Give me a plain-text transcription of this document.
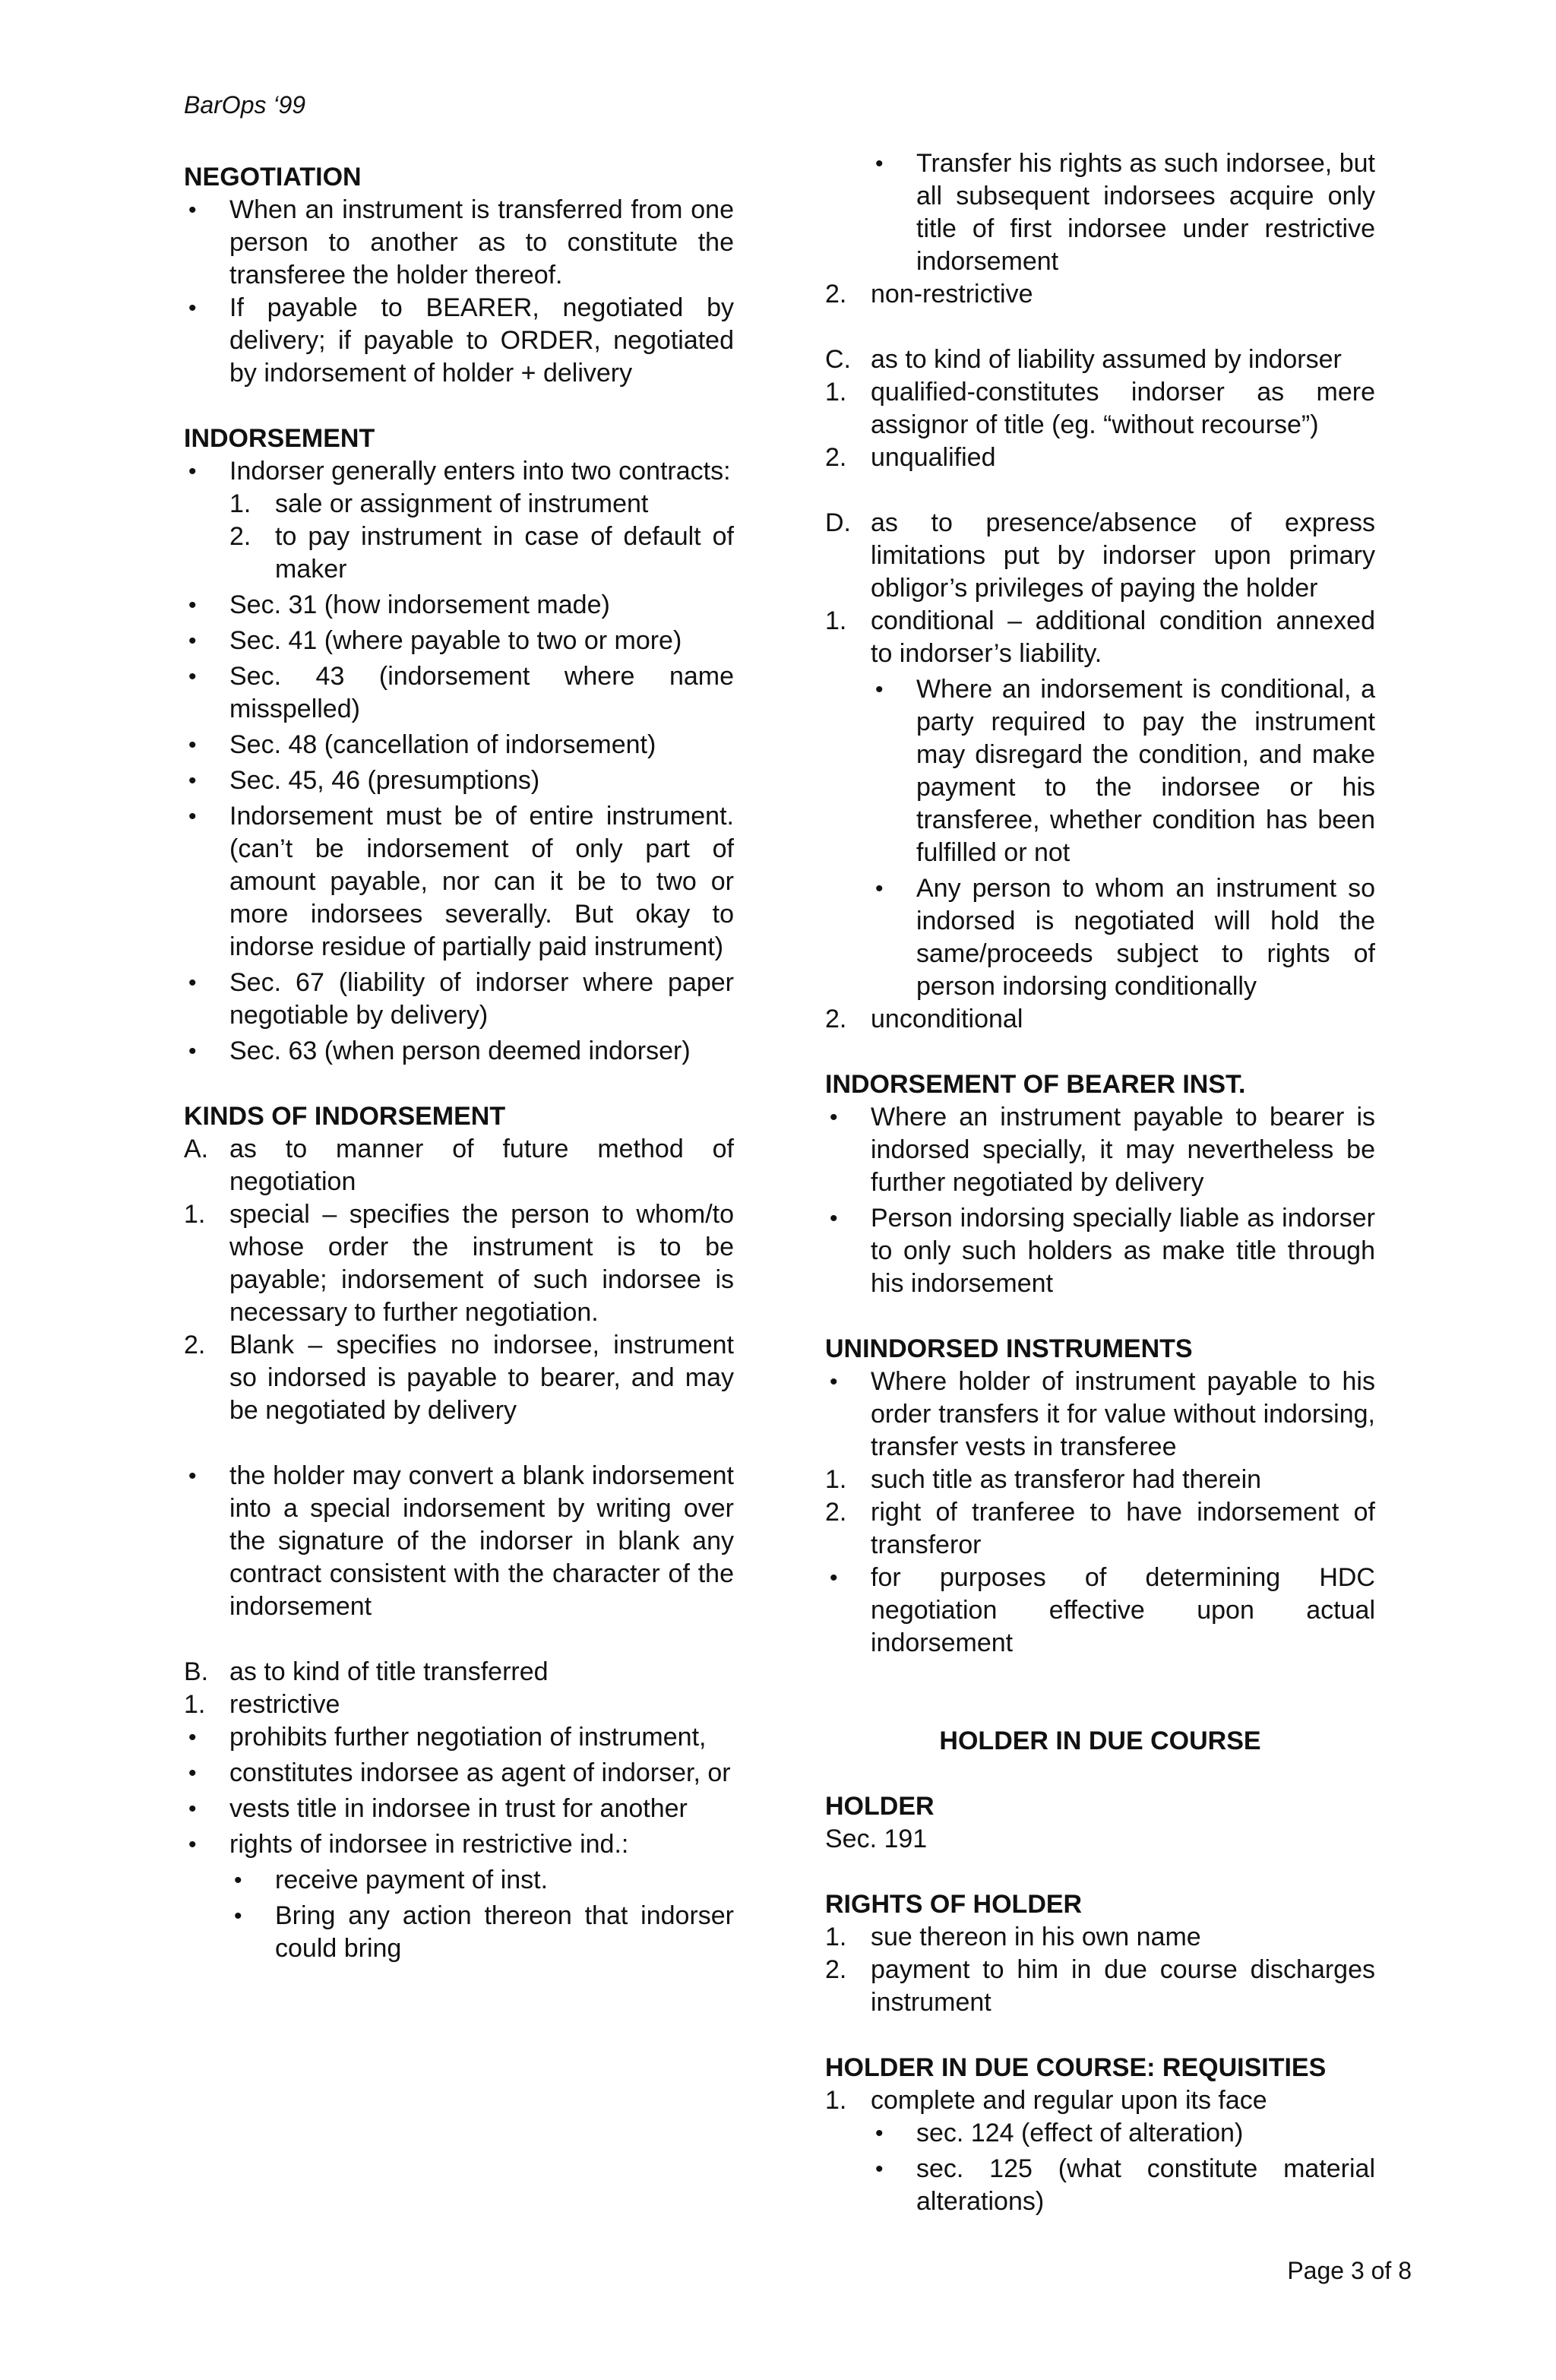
BarOps ‘99

NEGOTIATION

• When an instrument is transferred from one person to another as to constitute the transferee the holder thereof.

• If payable to BEARER, negotiated by delivery; if payable to ORDER, negotiated by indorsement of holder + delivery

INDORSEMENT

• Indorser generally enters into two contracts:

1. sale or assignment of instrument

2. to pay instrument in case of default of maker

• Sec. 31 (how indorsement made)

• Sec. 41 (where payable to two or more)

• Sec. 43 (indorsement where name misspelled)

• Sec. 48 (cancellation of indorsement)

• Sec. 45, 46 (presumptions)

• Indorsement must be of entire instrument. (can’t be indorsement of only part of amount payable, nor can it be to two or more indorsees severally. But okay to indorse residue of partially paid instrument)

• Sec. 67 (liability of indorser where paper negotiable by delivery)

• Sec. 63 (when person deemed indorser)

KINDS OF INDORSEMENT

A. as to manner of future method of negotiation

1. special – specifies the person to whom/to whose order the instrument is to be payable; indorsement of such indorsee is necessary to further negotiation.

2. Blank – specifies no indorsee, instrument so indorsed is payable to bearer, and may be negotiated by delivery

• the holder may convert a blank indorsement into a special indorsement by writing over the signature of the indorser in blank any contract consistent with the character of the indorsement

B. as to kind of title transferred

1. restrictive

• prohibits further negotiation of instrument,

• constitutes indorsee as agent of indorser, or

• vests title in indorsee in trust for another

• rights of indorsee in restrictive ind.:

• receive payment of inst.

• Bring any action thereon that indorser could bring

• Transfer his rights as such indorsee, but all subsequent indorsees acquire only title of first indorsee under restrictive indorsement

2. non-restrictive

C. as to kind of liability assumed by indorser

1. qualified-constitutes indorser as mere assignor of title (eg. “without recourse”)

2. unqualified

D. as to presence/absence of express limitations put by indorser upon primary obligor’s privileges of paying the holder

1. conditional – additional condition annexed to indorser’s liability.

• Where an indorsement is conditional, a party required to pay the instrument may disregard the condition, and make payment to the indorsee or his transferee, whether condition has been fulfilled or not

• Any person to whom an instrument so indorsed is negotiated will hold the same/proceeds subject to rights of person indorsing conditionally

2. unconditional

INDORSEMENT OF BEARER INST.

• Where an instrument payable to bearer is indorsed specially, it may nevertheless be further negotiated by delivery

• Person indorsing specially liable as indorser to only such holders as make title through his indorsement

UNINDORSED INSTRUMENTS

• Where holder of instrument payable to his order transfers it for value without indorsing, transfer vests in transferee

1. such title as transferor had therein

2. right of tranferee to have indorsement of transferor

• for purposes of determining HDC negotiation effective upon actual indorsement

HOLDER IN DUE COURSE

HOLDER

Sec. 191

RIGHTS OF HOLDER

1. sue thereon in his own name

2. payment to him in due course discharges instrument

HOLDER IN DUE COURSE: REQUISITIES

1. complete and regular upon its face

• sec. 124 (effect of alteration)

• sec. 125 (what constitute material alterations)

Page 3 of 8
